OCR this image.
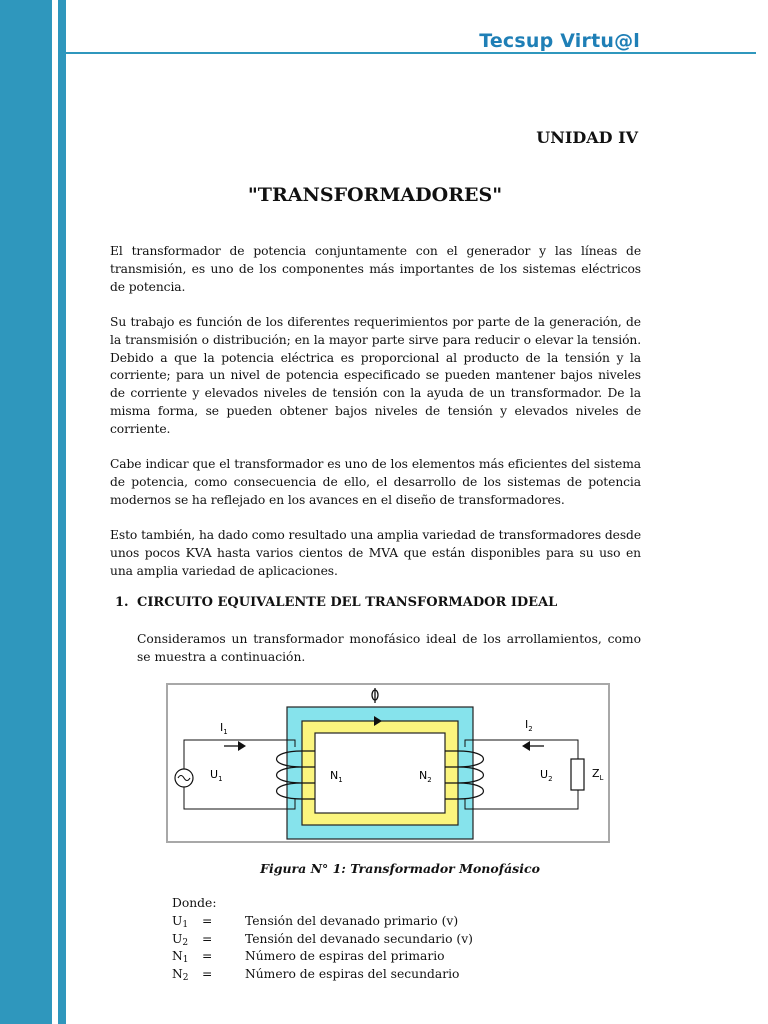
Tecsup Virtu@l
UNIDAD IV
"TRANSFORMADORES"

El transformador de potencia conjuntamente con el generador y las líneas de transmisión, es uno de los componentes más importantes de los sistemas eléctricos de potencia.

Su trabajo es función de los diferentes requerimientos por parte de la generación, de la transmisión o distribución; en la mayor parte sirve para reducir o elevar la tensión. Debido a que la potencia eléctrica es proporcional al producto de la tensión y la corriente; para un nivel de potencia especificado se pueden mantener bajos niveles de corriente y elevados niveles de tensión con la ayuda de un transformador. De la misma forma, se pueden obtener bajos niveles de tensión y elevados niveles de corriente.

Cabe indicar que el transformador es uno de los elementos más eficientes del sistema de potencia, como consecuencia de ello, el desarrollo de los sistemas de potencia modernos se ha reflejado en los avances en el diseño de transformadores.

Esto también, ha dado como resultado una amplia variedad de transformadores desde unos pocos KVA hasta varios cientos de MVA que están disponibles para su uso en una amplia variedad de aplicaciones.

1. CIRCUITO EQUIVALENTE DEL TRANSFORMADOR IDEAL

Consideramos un transformador monofásico ideal de los arrollamientos, como se muestra a continuación.

$I_1$
$I_2$
$U_1$	$U_2$
$N_1$	$N_2$	$Z_L$
Figura N° 1: Transformador Monofásico
Donde:
$U_1$	=	Tensión del devanado primario (v)
$U_2$	=	Tensión del devanado secundario (v)
$N_1$	=	Número de espiras del primario
$N_2$	=	Número de espiras del secundario
